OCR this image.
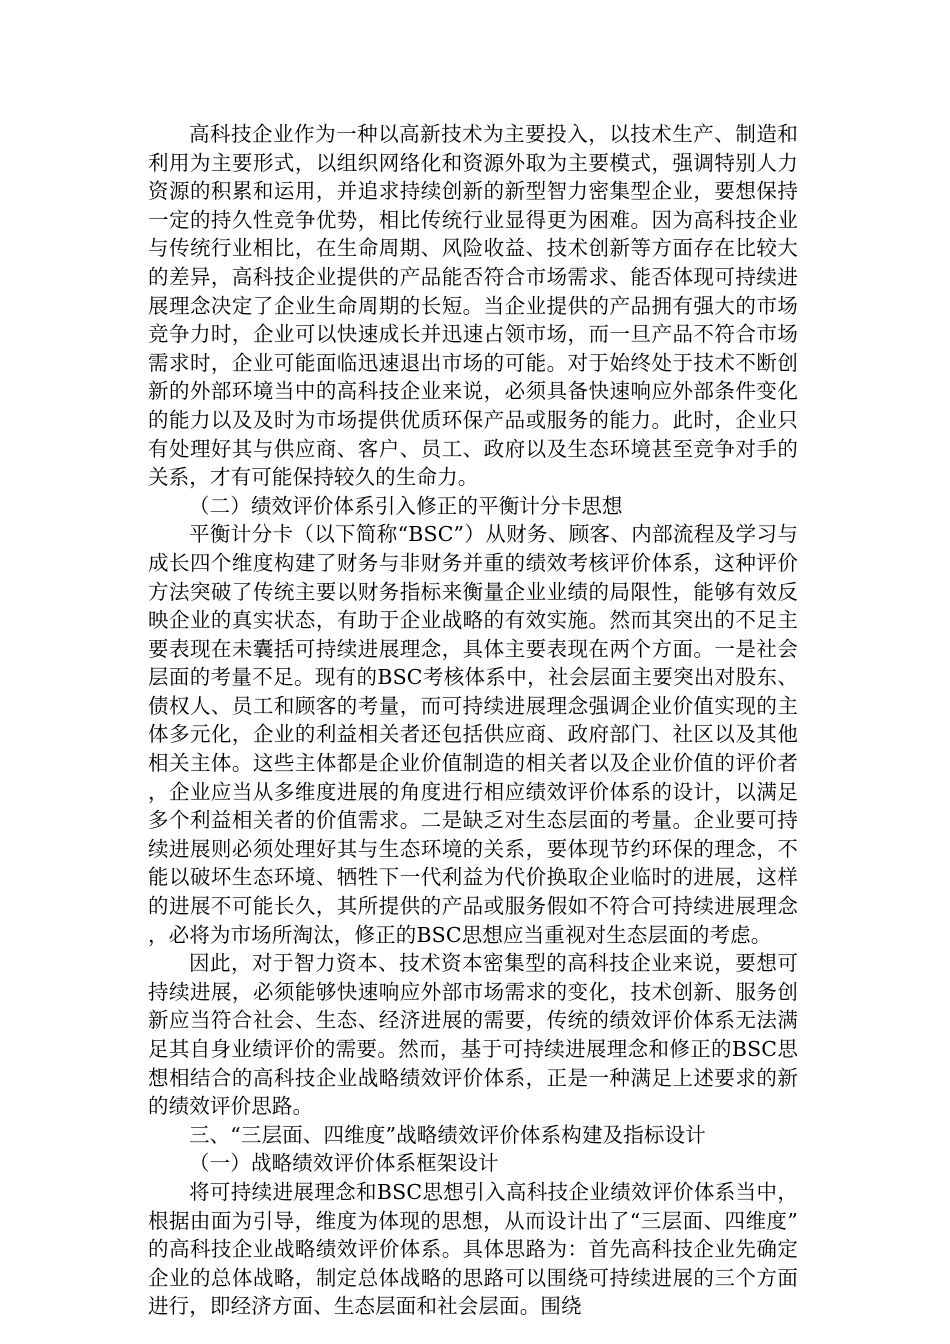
高科技企业作为一种以高新技术为主要投入，以技术生产、制造和利用为主要形式，以组织网络化和资源外取为主要模式，强调特别人力资源的积累和运用，并追求持续创新的新型智力密集型企业，要想保持一定的持久性竞争优势，相比传统行业显得更为困难。因为高科技企业与传统行业相比，在生命周期、风险收益、技术创新等方面存在比较大的差异，高科技企业提供的产品能否符合市场需求、能否体现可持续进展理念决定了企业生命周期的长短。当企业提供的产品拥有强大的市场竞争力时，企业可以快速成长并迅速占领市场，而一旦产品不符合市场需求时，企业可能面临迅速退出市场的可能。对于始终处于技术不断创新的外部环境当中的高科技企业来说，必须具备快速响应外部条件变化的能力以及及时为市场提供优质环保产品或服务的能力。此时，企业只有处理好其与供应商、客户、员工、政府以及生态环境甚至竞争对手的关系，才有可能保持较久的生命力。

（二）绩效评价体系引入修正的平衡计分卡思想

平衡计分卡（以下简称“BSC”）从财务、顾客、内部流程及学习与成长四个维度构建了财务与非财务并重的绩效考核评价体系，这种评价方法突破了传统主要以财务指标来衡量企业业绩的局限性，能够有效反映企业的真实状态，有助于企业战略的有效实施。然而其突出的不足主要表现在未囊括可持续进展理念，具体主要表现在两个方面。一是社会层面的考量不足。现有的BSC考核体系中，社会层面主要突出对股东、债权人、员工和顾客的考量，而可持续进展理念强调企业价值实现的主体多元化，企业的利益相关者还包括供应商、政府部门、社区以及其他相关主体。这些主体都是企业价值制造的相关者以及企业价值的评价者，企业应当从多维度进展的角度进行相应绩效评价体系的设计，以满足多个利益相关者的价值需求。二是缺乏对生态层面的考量。企业要可持续进展则必须处理好其与生态环境的关系，要体现节约环保的理念，不能以破坏生态环境、牺牲下一代利益为代价换取企业临时的进展，这样的进展不可能长久，其所提供的产品或服务假如不符合可持续进展理念，必将为市场所淘汰，修正的BSC思想应当重视对生态层面的考虑。

因此，对于智力资本、技术资本密集型的高科技企业来说，要想可持续进展，必须能够快速响应外部市场需求的变化，技术创新、服务创新应当符合社会、生态、经济进展的需要，传统的绩效评价体系无法满足其自身业绩评价的需要。然而，基于可持续进展理念和修正的BSC思想相结合的高科技企业战略绩效评价体系，正是一种满足上述要求的新的绩效评价思路。

三、“三层面、四维度”战略绩效评价体系构建及指标设计

（一）战略绩效评价体系框架设计

将可持续进展理念和BSC思想引入高科技企业绩效评价体系当中，根据由面为引导，维度为体现的思想，从而设计出了“三层面、四维度”的高科技企业战略绩效评价体系。具体思路为：首先高科技企业先确定企业的总体战略，制定总体战略的思路可以围绕可持续进展的三个方面进行，即经济方面、生态层面和社会层面。围绕
